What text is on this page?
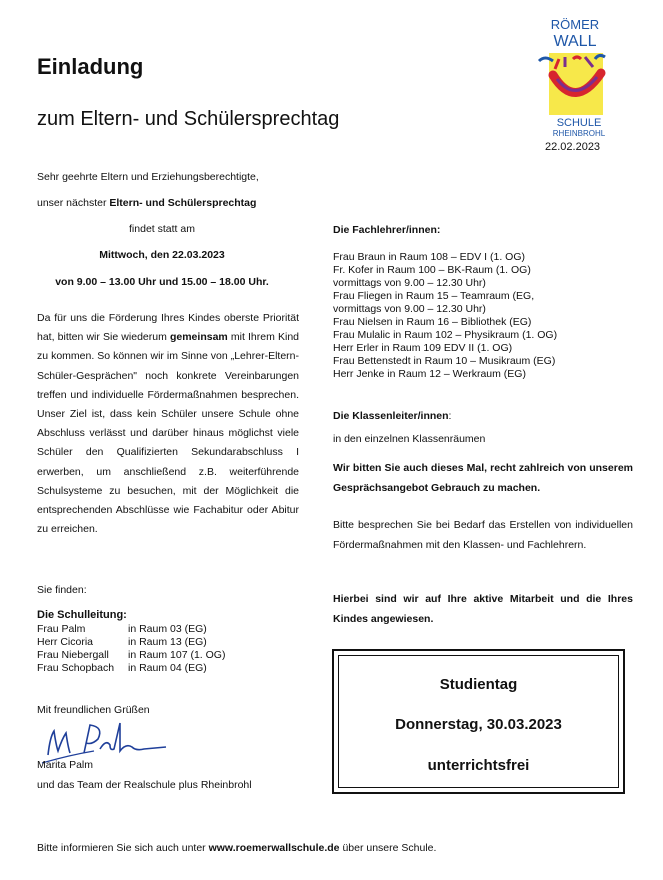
Einladung
zum Eltern- und Schülersprechtag
RÖMER
WALL
SCHULE
RHEINBROHL
22.02.2023
Sehr geehrte Eltern und Erziehungsberechtigte,
unser nächster Eltern- und Schülersprechtag
findet statt am
Mittwoch, den 22.03.2023
von 9.00 – 13.00 Uhr und 15.00 – 18.00 Uhr.
Da für uns die Förderung Ihres Kindes oberste Priorität hat, bitten wir Sie wiederum gemeinsam mit Ihrem Kind zu kommen. So können wir im Sinne von „Lehrer-Eltern-Schüler-Gesprächen" noch konkrete Vereinbarungen treffen und individuelle Fördermaßnahmen besprechen. Unser Ziel ist, dass kein Schüler unsere Schule ohne Abschluss verlässt und darüber hinaus möglichst viele Schüler den Qualifizierten Sekundarabschluss I erwerben, um anschließend z.B. weiterführende Schulsysteme zu besuchen, mit der Möglichkeit die entsprechenden Abschlüsse wie Fachabitur oder Abitur zu erreichen.
Sie finden:
Die Schulleitung:
Frau Palm	in Raum 03 (EG)
Herr Cicoria	in Raum 13 (EG)
Frau Niebergall in Raum 107 (1. OG)
Frau Schopbach in Raum 04 (EG)
Mit freundlichen Grüßen
Marita Palm
und das Team der Realschule plus Rheinbrohl
Die Fachlehrer/innen:
Frau Braun in Raum 108 – EDV I (1. OG)
Fr. Kofer in Raum 100 – BK-Raum (1. OG)
vormittags von 9.00 – 12.30 Uhr)
Frau Fliegen in Raum 15 – Teamraum (EG,
vormittags von 9.00 – 12.30 Uhr)
Frau Nielsen in Raum 16 – Bibliothek (EG)
Frau Mulalic in Raum 102 – Physikraum (1. OG)
Herr Erler in Raum 109 EDV II (1. OG)
Frau Bettenstedt in Raum 10 – Musikraum (EG)
Herr Jenke in Raum 12 – Werkraum (EG)
Die Klassenleiter/innen:
in den einzelnen Klassenräumen
Wir bitten Sie auch dieses Mal, recht zahlreich von unserem Gesprächsangebot Gebrauch zu machen.
Bitte besprechen Sie bei Bedarf das Erstellen von individuellen Fördermaßnahmen mit den Klassen- und Fachlehrern.
Hierbei sind wir auf Ihre aktive Mitarbeit und die Ihres Kindes angewiesen.
Studientag
Donnerstag, 30.03.2023
unterrichtsfrei
Bitte informieren Sie sich auch unter www.roemerwallschule.de über unsere Schule.
